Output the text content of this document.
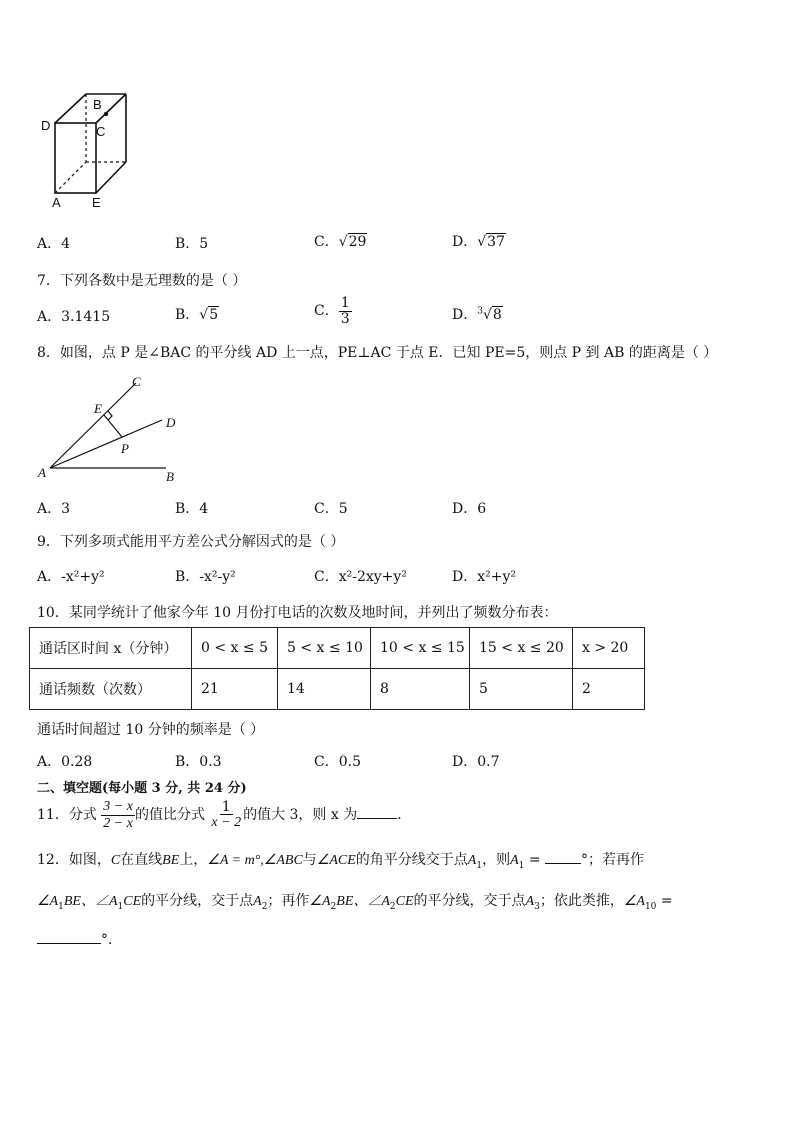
B
C
D
A E
A．4	B．5	C．√29	D．√37
7．下列各数中是无理数的是（ ）
A．3.1415	B．√5	C． $\frac{1}{3}$	D．$^3$√8
8．如图，点 P 是∠BAC 的平分线 AD 上一点，PE⊥AC 于点 E．已知 PE=5，则点 P 到 AB 的距离是（ ）
C
E
D
P
A	B
A．3	B．4	C．5	D．6
9．下列多项式能用平方差公式分解因式的是（ ）
A．-x²+y²	B．-x²-y²	C．x²-2xy+y²	D．x²+y²
10．某同学统计了他家今年 10 月份打电话的次数及地时间，并列出了频数分布表：
通话区时间 x（分钟）	0 < x ≤ 5	5 < x ≤ 10	10 < x ≤ 15	15 < x ≤ 20	x > 20
通话频数（次数）	21	14	8	5	2
通话时间超过 10 分钟的频率是（ ）
A．0.28	B．0.3	C．0.5	D．0.7
二、填空题(每小题 3 分, 共 24 分)
11．分式 $\frac{3 - x}{2 - x}$ 的值比分式 $\frac{1}{x - 2}$ 的值大 3，则 x 为	．
12．如图，C在直线BE上，∠A = m°,∠ABC与∠ACE的角平分线交于点$A_1$，则$A_1$ =	°；若再作
$\angle A_1BE$、$\angle A_1CE$的平分线，交于点$A_2$；再作$\angle A_2BE$、$\angle A_2CE$的平分线，交于点$A_3$；依此类推，$\angle A_{10}$ =
°．
